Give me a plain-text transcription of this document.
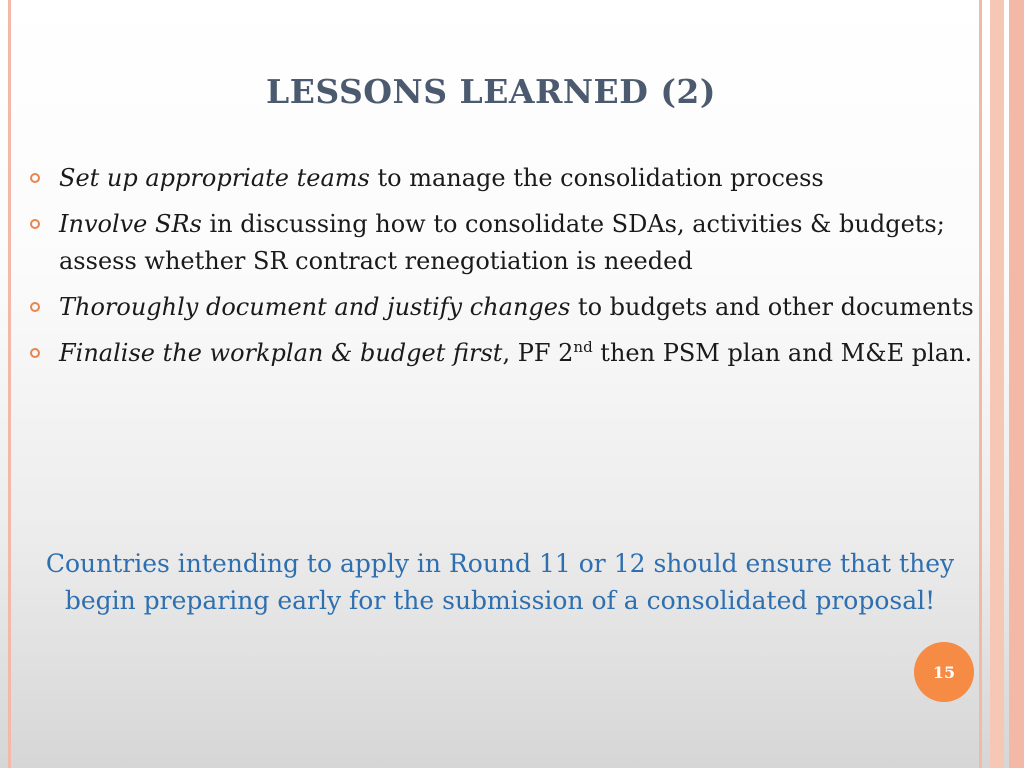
LESSONS LEARNED (2)
Set up appropriate teams to manage the consolidation process
Involve SRs in discussing how to consolidate SDAs, activities & budgets; assess whether SR contract renegotiation is needed
Thoroughly document and justify changes to budgets and other documents
Finalise the workplan & budget first, PF 2nd then PSM plan and M&E plan.
Countries intending to apply in Round 11 or 12 should ensure that they begin preparing early for the submission of a consolidated proposal!
15
